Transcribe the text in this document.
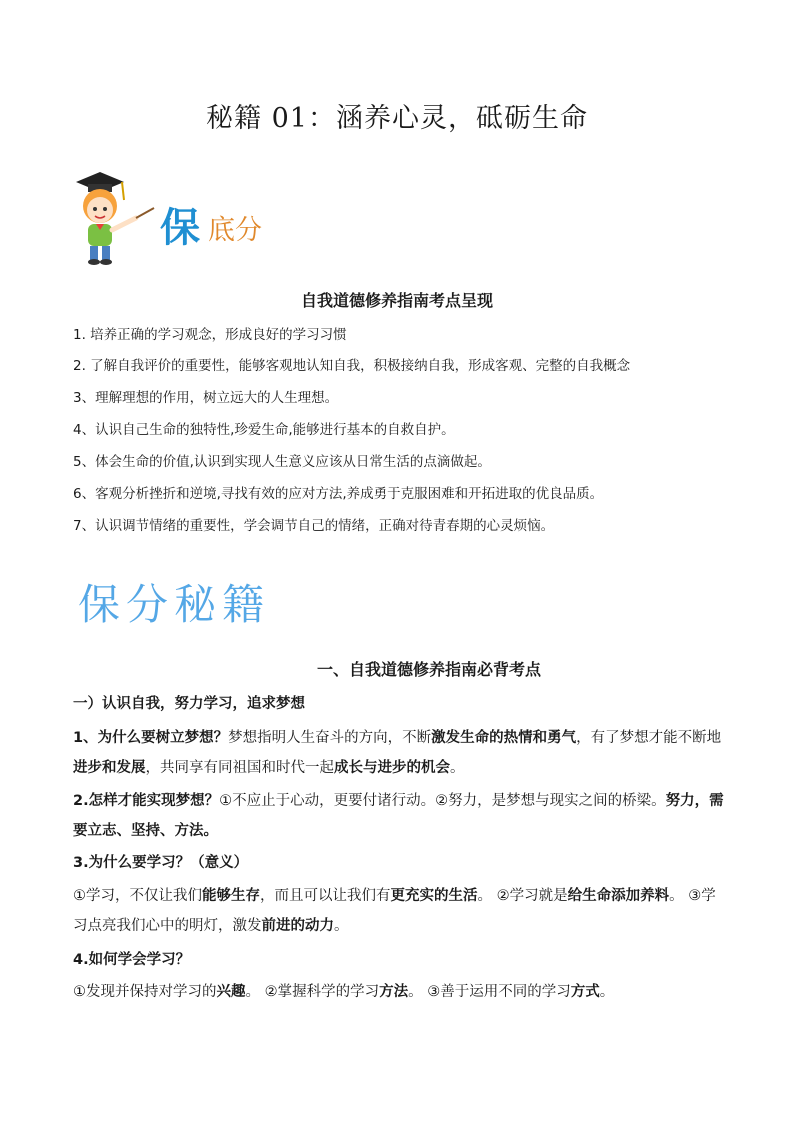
秘籍 01：涵养心灵，砥砺生命
保 底分
自我道德修养指南考点呈现
1. 培养正确的学习观念，形成良好的学习习惯
2. 了解自我评价的重要性，能够客观地认知自我，积极接纳自我，形成客观、完整的自我概念
3、理解理想的作用，树立远大的人生理想。
4、认识自己生命的独特性,珍爱生命,能够进行基本的自救自护。
5、体会生命的价值,认识到实现人生意义应该从日常生活的点滴做起。
6、客观分析挫折和逆境,寻找有效的应对方法,养成勇于克服困难和开拓进取的优良品质。
7、认识调节情绪的重要性，学会调节自己的情绪，正确对待青春期的心灵烦恼。
保分秘籍
一、自我道德修养指南必背考点
一）认识自我，努力学习，追求梦想
1、为什么要树立梦想？梦想指明人生奋斗的方向，不断激发生命的热情和勇气，有了梦想才能不断地进步和发展，共同享有同祖国和时代一起成长与进步的机会。
2.怎样才能实现梦想？①不应止于心动，更要付诸行动。②努力，是梦想与现实之间的桥梁。努力，需要立志、坚持、方法。
3.为什么要学习？（意义）
①学习，不仅让我们能够生存，而且可以让我们有更充实的生活。 ②学习就是给生命添加养料。 ③学习点亮我们心中的明灯，激发前进的动力。
4.如何学会学习？
①发现并保持对学习的兴趣。 ②掌握科学的学习方法。 ③善于运用不同的学习方式。
